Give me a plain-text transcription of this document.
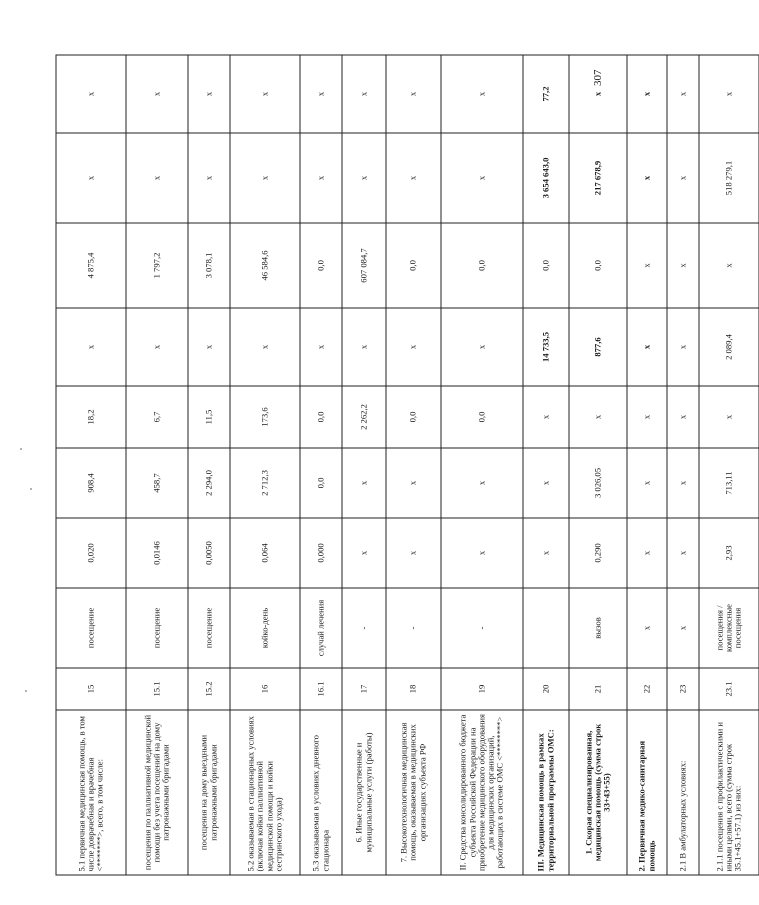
5.1 первичная медицинская помощь, в том числе доврачебная и врачебная <*******>, всего, в том числе:	15	посещение	0,020	908,4	18,2	x	4 875,4	x	x
посещения по паллиативной медицинской помощи без учета посещений на дому патронажными бригадами	15.1	посещение	0,0146	458,7	6,7	x	1 797,2	x	x
посещения на дому выездными патронажными бригадами	15.2	посещение	0,0050	2 294,0	11,5	x	3 078,1	x	x
5.2 оказываемая в стационарных условиях (включая койки паллиативной медицинской помощи и койки сестринского ухода)	16	койко-день	0,064	2 712,3	173,6	x	46 584,6	x	x
5.3 оказываемая в условиях дневного стационара	16.1	случай лечения	0,000	0,0	0,0	x	0,0	x	x
6. Иные государственные и муниципальные услуги (работы)	17	-	x	x	2 262,2	x	607 084,7	x	x
7. Высокотехнологичная медицинская помощь, оказываемая в медицинских организациях субъекта РФ	18	-	x	x	0,0	x	0,0	x	x
II. Средства консолидированного бюджета субъекта Российской Федерации на приобретение медицинского оборудования для медицинских организаций, работающих в системе ОМС <********>	19	-	x	x	0,0	x	0,0	x	x
III. Медицинская помощь в рамках территориальной программы ОМС:	20		x	x	x	14 733,5	0,0	3 654 643,0	77,2
1. Скорая специализированная, медицинская помощь (сумма строк 33+43+55)	21	вызов	0,290	3 026,05	x	877,6	0,0	217 678,9	x
2. Первичная медико-санитарная помощь	22	x	x	x	x	x	x	x	x
2.1 В амбулаторных условиях:	23	x	x	x	x	x	x	x	x
2.1.1 посещения с профилактическими и иными целями, всего (сумма строк 35.1+45.1+57.1) из них:	23.1	посещения / комплексные посещения	2,93	713,11	x	2 089,4	x	518 279,1	x
307
